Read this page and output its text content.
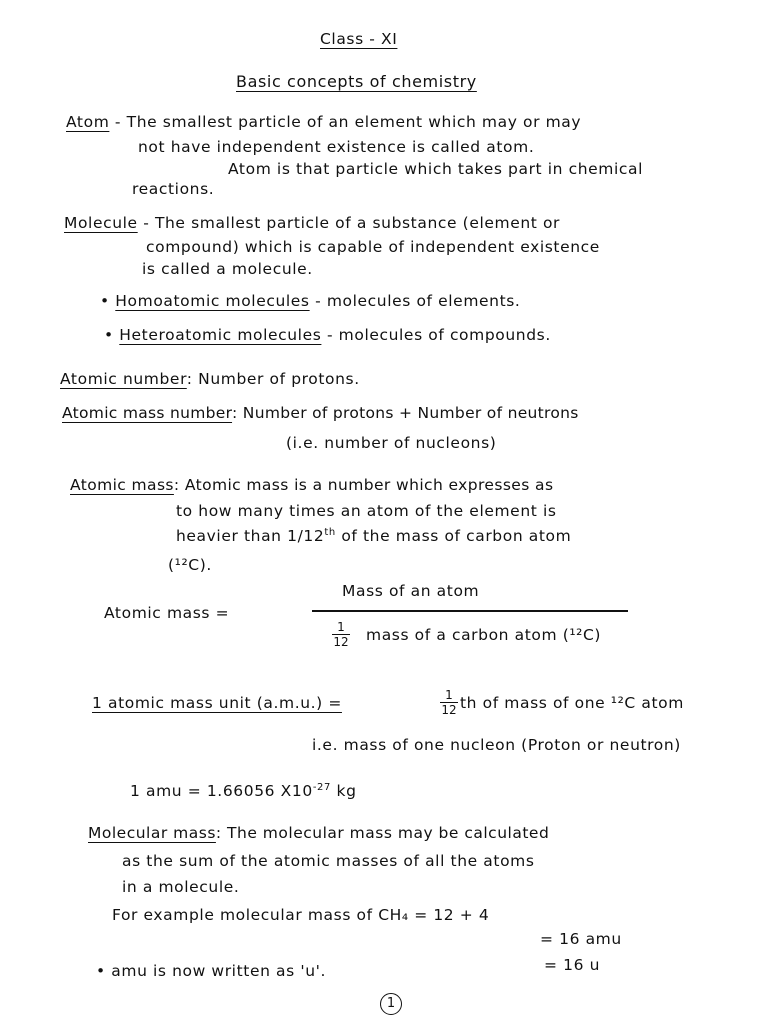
Class - XI
Basic concepts of chemistry
Atom - The smallest particle of an element which may or may
not have independent existence is called atom.
Atom is that particle which takes part in chemical
reactions.
Molecule - The smallest particle of a substance (element or
compound) which is capable of independent existence
is called a molecule.
• Homoatomic molecules - molecules of elements.
• Heteroatomic molecules - molecules of compounds.
Atomic number: Number of protons.
Atomic mass number: Number of protons + Number of neutrons
(i.e. number of nucleons)
Atomic mass: Atomic mass is a number which expresses as
to how many times an atom of the element is
heavier than 1/12th of the mass of carbon atom
(¹²C).
Atomic mass =
Mass of an atom
$\frac{1}{12}$ mass of a carbon atom (¹²C)
1 atomic mass unit (a.m.u.) =	$\frac{1}{12}$ th of mass of one ¹²C atom
i.e. mass of one nucleon (Proton or neutron)
1 amu = 1.66056 $X10^{-27}$ kg
Molecular mass: The molecular mass may be calculated
as the sum of the atomic masses of all the atoms
in a molecule.
For example molecular mass of CH₄ = 12 + 4
= 16 amu
• amu is now written as 'u'.	= 16 u
1
